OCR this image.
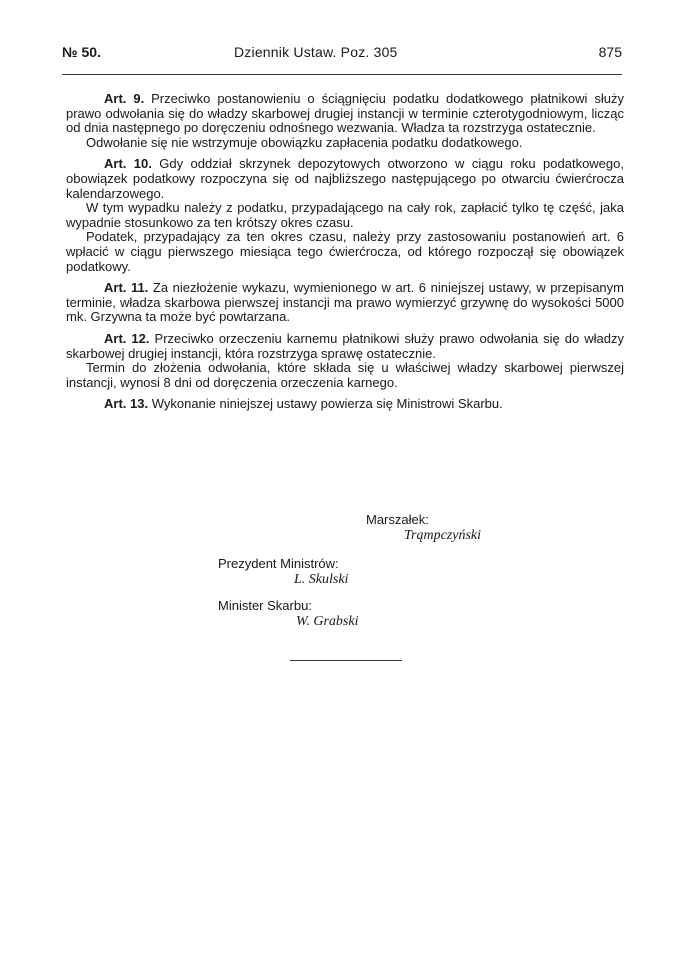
№ 50.	Dziennik Ustaw. Poz. 305	875

Art. 9. Przeciwko postanowieniu o ściągnięciu podatku dodatkowego płatnikowi służy prawo odwołania się do władzy skarbowej drugiej instancji w terminie czterotygodniowym, licząc od dnia następnego po doręczeniu odnośnego wezwania. Władza ta rozstrzyga ostatecznie.

Odwołanie się nie wstrzymuje obowiązku zapłacenia podatku dodatkowego.

Art. 10. Gdy oddział skrzynek depozytowych otworzono w ciągu roku podatkowego, obowiązek podatkowy rozpoczyna się od najbliższego następującego po otwarciu ćwierćrocza kalendarzowego.

W tym wypadku należy z podatku, przypadającego na cały rok, zapłacić tylko tę część, jaka wypadnie stosunkowo za ten krótszy okres czasu.

Podatek, przypadający za ten okres czasu, należy przy zastosowaniu postanowień art. 6 wpłacić w ciągu pierwszego miesiąca tego ćwierćrocza, od którego rozpoczął się obowiązek podatkowy.

Art. 11. Za niezłożenie wykazu, wymienionego w art. 6 niniejszej ustawy, w przepisanym terminie, władza skarbowa pierwszej instancji ma prawo wymierzyć grzywnę do wysokości 5000 mk. Grzywna ta może być powtarzana.

Art. 12. Przeciwko orzeczeniu karnemu płatnikowi służy prawo odwołania się do władzy skarbowej drugiej instancji, która rozstrzyga sprawę ostatecznie.

Termin do złożenia odwołania, które składa się u właściwej władzy skarbowej pierwszej instancji, wynosi 8 dni od doręczenia orzeczenia karnego.

Art. 13. Wykonanie niniejszej ustawy powierza się Ministrowi Skarbu.

Marszałek:
Trąmpczyński
Prezydent Ministrów:
L. Skulski
Minister Skarbu:
W. Grabski
